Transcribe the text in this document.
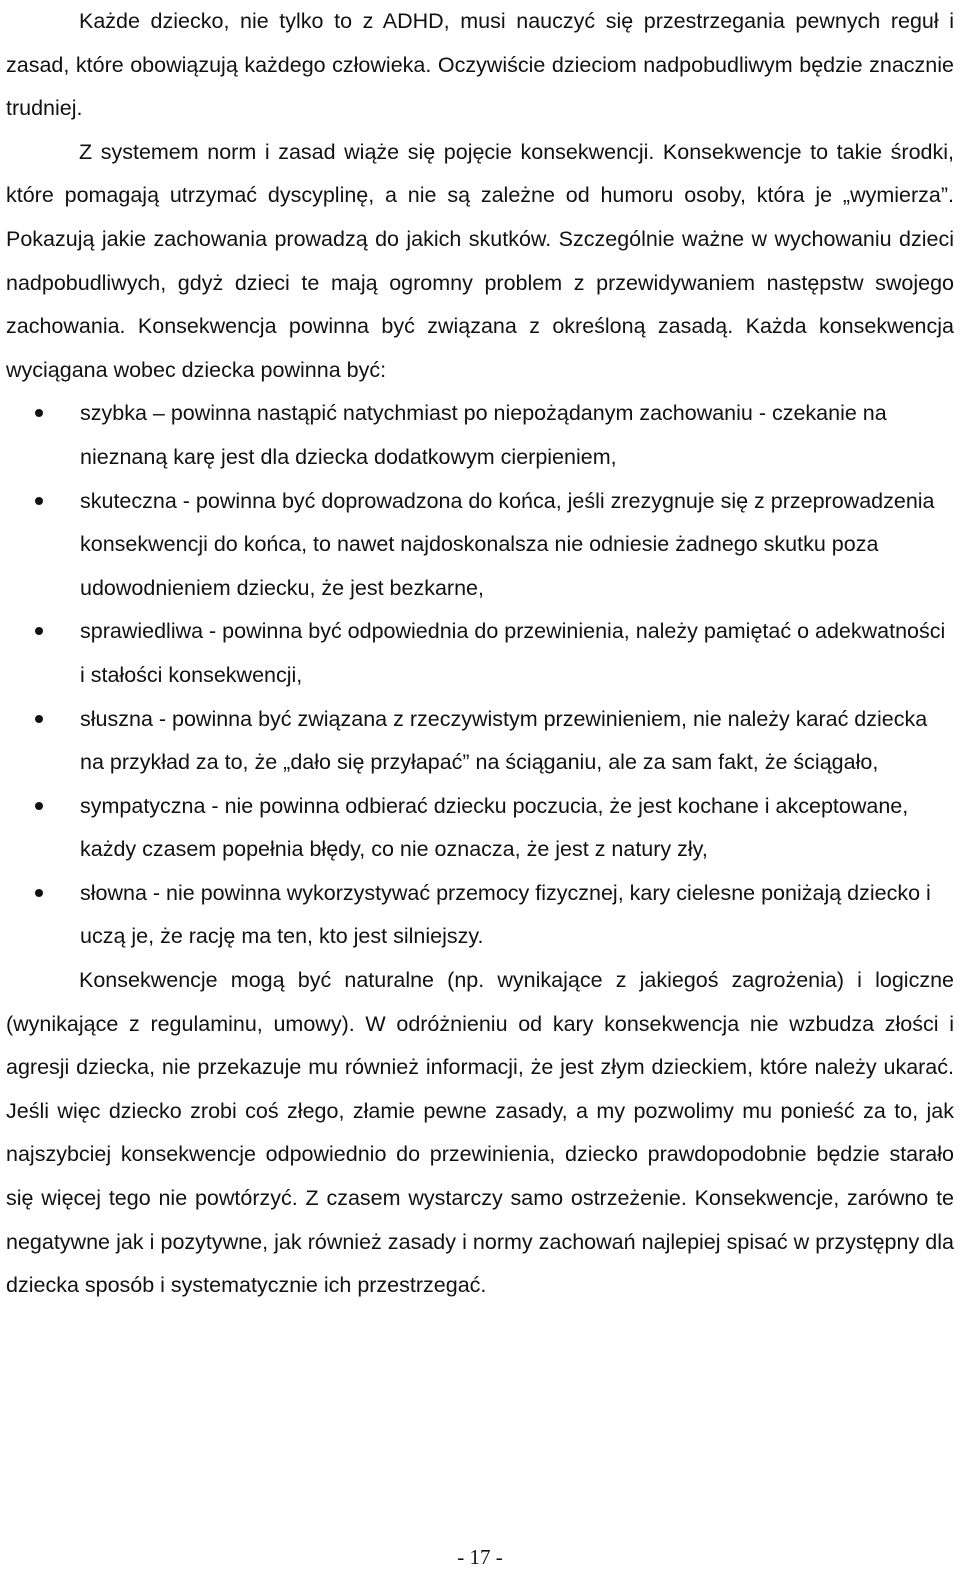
Każde dziecko, nie tylko to z ADHD, musi nauczyć się przestrzegania pewnych reguł i zasad, które obowiązują każdego człowieka. Oczywiście dzieciom nadpobudliwym będzie znacznie trudniej.

Z systemem norm i zasad wiąże się pojęcie konsekwencji. Konsekwencje to takie środki, które pomagają utrzymać dyscyplinę, a nie są zależne od humoru osoby, która je „wymierza”. Pokazują jakie zachowania prowadzą do jakich skutków. Szczególnie ważne w wychowaniu dzieci nadpobudliwych, gdyż dzieci te mają ogromny problem z przewidywaniem następstw swojego zachowania. Konsekwencja powinna być związana z określoną zasadą. Każda konsekwencja wyciągana wobec dziecka powinna być:

szybka – powinna nastąpić natychmiast po niepożądanym zachowaniu - czekanie na nieznaną karę jest dla dziecka dodatkowym cierpieniem,
skuteczna - powinna być doprowadzona do końca, jeśli zrezygnuje się z przeprowadzenia konsekwencji do końca, to nawet najdoskonalsza nie odniesie żadnego skutku poza udowodnieniem dziecku, że jest bezkarne,
sprawiedliwa - powinna być odpowiednia do przewinienia, należy pamiętać o adekwatności i stałości konsekwencji,
słuszna - powinna być związana z rzeczywistym przewinieniem, nie należy karać dziecka na przykład za to, że „dało się przyłapać” na ściąganiu, ale za sam fakt, że ściągało,
sympatyczna - nie powinna odbierać dziecku poczucia, że jest kochane i akceptowane, każdy czasem popełnia błędy, co nie oznacza, że jest z natury zły,
słowna - nie powinna wykorzystywać przemocy fizycznej, kary cielesne poniżają dziecko i uczą je, że rację ma ten, kto jest silniejszy.

Konsekwencje mogą być naturalne (np. wynikające z jakiegoś zagrożenia) i logiczne (wynikające z regulaminu, umowy). W odróżnieniu od kary konsekwencja nie wzbudza złości i agresji dziecka, nie przekazuje mu również informacji, że jest złym dzieckiem, które należy ukarać. Jeśli więc dziecko zrobi coś złego, złamie pewne zasady, a my pozwolimy mu ponieść za to, jak najszybciej konsekwencje odpowiednio do przewinienia, dziecko prawdopodobnie będzie starało się więcej tego nie powtórzyć. Z czasem wystarczy samo ostrzeżenie. Konsekwencje, zarówno te negatywne jak i pozytywne, jak również zasady i normy zachowań najlepiej spisać w przystępny dla dziecka sposób i systematycznie ich przestrzegać.

- 17 -
